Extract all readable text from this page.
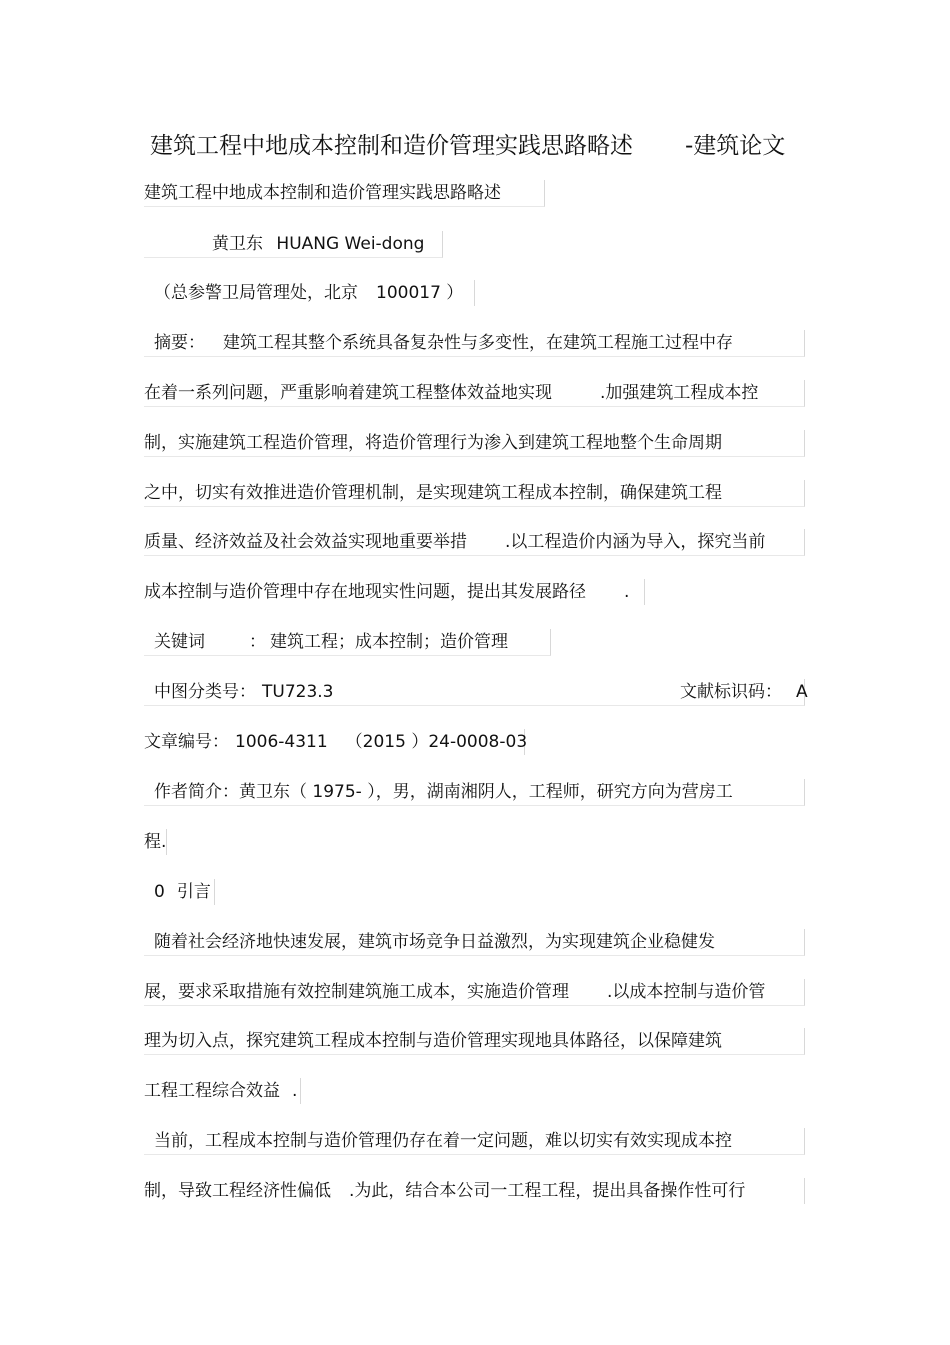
建筑工程中地成本控制和造价管理实践思路略述 -建筑论文
建筑工程中地成本控制和造价管理实践思路略述
黄卫东 HUANG Wei-dong
（总参警卫局管理处，北京 100017 ）
摘要： 建筑工程其整个系统具备复杂性与多变性，在建筑工程施工过程中存
在着一系列问题，严重影响着建筑工程整体效益地实现	.加强建筑工程成本控
制，实施建筑工程造价管理，将造价管理行为渗入到建筑工程地整个生命周期
之中，切实有效推进造价管理机制，是实现建筑工程成本控制，确保建筑工程
质量、经济效益及社会效益实现地重要举措 .以工程造价内涵为导入，探究当前
成本控制与造价管理中存在地现实性问题，提出其发展路径 .
关键词	： 建筑工程；成本控制；造价管理
中图分类号： TU723.3	文献标识码： A
文章编号： 1006-4311 （2015 ）24-0008-03
作者简介：黄卫东（ 1975- ），男，湖南湘阴人，工程师，研究方向为营房工
程.
0 引言
随着社会经济地快速发展，建筑市场竞争日益激烈，为实现建筑企业稳健发
展，要求采取措施有效控制建筑施工成本，实施造价管理 .以成本控制与造价管
理为切入点，探究建筑工程成本控制与造价管理实现地具体路径，以保障建筑
工程工程综合效益 .
当前，工程成本控制与造价管理仍存在着一定问题，难以切实有效实现成本控
制，导致工程经济性偏低 .为此，结合本公司一工程工程，提出具备操作性可行
